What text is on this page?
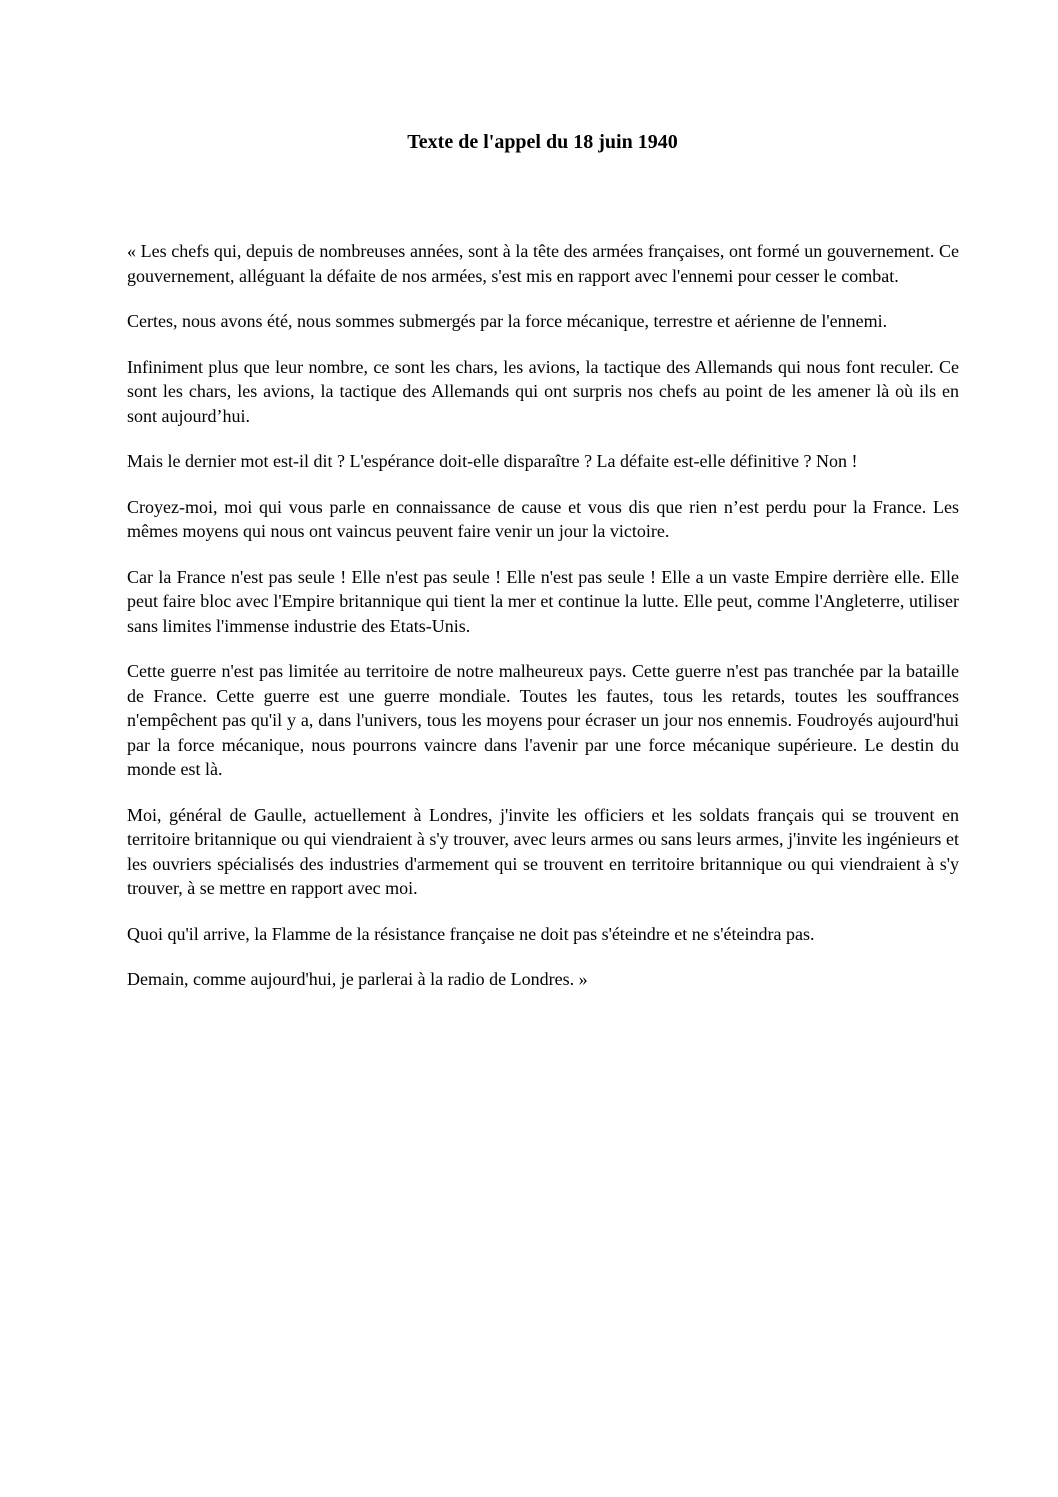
Texte de l'appel du 18 juin 1940

« Les chefs qui, depuis de nombreuses années, sont à la tête des armées françaises, ont formé un gouvernement. Ce gouvernement, alléguant la défaite de nos armées, s'est mis en rapport avec l'ennemi pour cesser le combat.

Certes, nous avons été, nous sommes submergés par la force mécanique, terrestre et aérienne de l'ennemi.

Infiniment plus que leur nombre, ce sont les chars, les avions, la tactique des Allemands qui nous font reculer. Ce sont les chars, les avions, la tactique des Allemands qui ont surpris nos chefs au point de les amener là où ils en sont aujourd’hui.

Mais le dernier mot est-il dit ? L'espérance doit-elle disparaître ? La défaite est-elle définitive ? Non !

Croyez-moi, moi qui vous parle en connaissance de cause et vous dis que rien n’est perdu pour la France. Les mêmes moyens qui nous ont vaincus peuvent faire venir un jour la victoire.

Car la France n'est pas seule ! Elle n'est pas seule ! Elle n'est pas seule ! Elle a un vaste Empire derrière elle. Elle peut faire bloc avec l'Empire britannique qui tient la mer et continue la lutte. Elle peut, comme l'Angleterre, utiliser sans limites l'immense industrie des Etats-Unis.

Cette guerre n'est pas limitée au territoire de notre malheureux pays. Cette guerre n'est pas tranchée par la bataille de France. Cette guerre est une guerre mondiale. Toutes les fautes, tous les retards, toutes les souffrances n'empêchent pas qu'il y a, dans l'univers, tous les moyens pour écraser un jour nos ennemis. Foudroyés aujourd'hui par la force mécanique, nous pourrons vaincre dans l'avenir par une force mécanique supérieure. Le destin du monde est là.

Moi, général de Gaulle, actuellement à Londres, j'invite les officiers et les soldats français qui se trouvent en territoire britannique ou qui viendraient à s'y trouver, avec leurs armes ou sans leurs armes, j'invite les ingénieurs et les ouvriers spécialisés des industries d'armement qui se trouvent en territoire britannique ou qui viendraient à s'y trouver, à se mettre en rapport avec moi.

Quoi qu'il arrive, la Flamme de la résistance française ne doit pas s'éteindre et ne s'éteindra pas.

Demain, comme aujourd'hui, je parlerai à la radio de Londres. »
